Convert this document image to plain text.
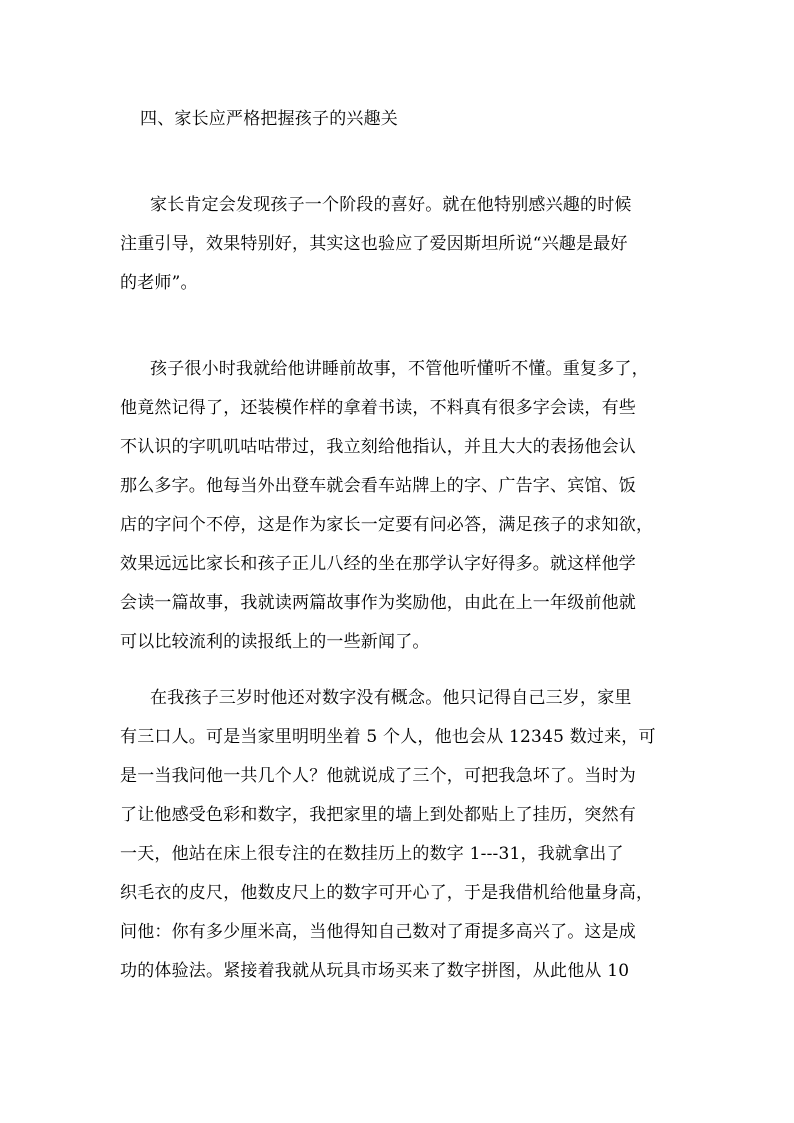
四、家长应严格把握孩子的兴趣关
家长肯定会发现孩子一个阶段的喜好。就在他特别感兴趣的时候
注重引导，效果特别好，其实这也验应了爱因斯坦所说“兴趣是最好
的老师”。
孩子很小时我就给他讲睡前故事，不管他听懂听不懂。重复多了，
他竟然记得了，还装模作样的拿着书读，不料真有很多字会读，有些
不认识的字叽叽咕咕带过，我立刻给他指认，并且大大的表扬他会认
那么多字。他每当外出登车就会看车站牌上的字、广告字、宾馆、饭
店的字问个不停，这是作为家长一定要有问必答，满足孩子的求知欲，
效果远远比家长和孩子正儿八经的坐在那学认字好得多。就这样他学
会读一篇故事，我就读两篇故事作为奖励他，由此在上一年级前他就
可以比较流利的读报纸上的一些新闻了。
在我孩子三岁时他还对数字没有概念。他只记得自己三岁，家里
有三口人。可是当家里明明坐着 5 个人，他也会从 12345 数过来，可
是一当我问他一共几个人？他就说成了三个，可把我急坏了。当时为
了让他感受色彩和数字，我把家里的墙上到处都贴上了挂历，突然有
一天，他站在床上很专注的在数挂历上的数字 1---31，我就拿出了
织毛衣的皮尺，他数皮尺上的数字可开心了，于是我借机给他量身高，
问他：你有多少厘米高，当他得知自己数对了甭提多高兴了。这是成
功的体验法。紧接着我就从玩具市场买来了数字拼图，从此他从 10
